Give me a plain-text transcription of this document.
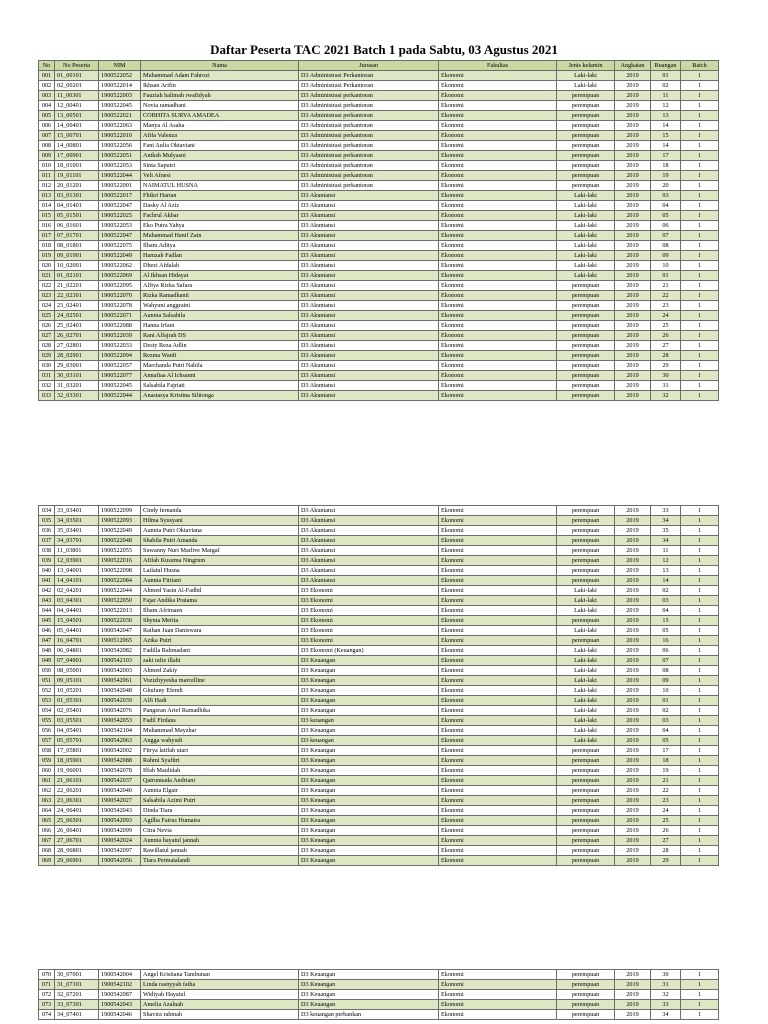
Daftar Peserta TAC 2021 Batch 1 pada Sabtu, 03 Agustus 2021
No	No Peserta	NIM	Nama	Jurusan	Fakultas	Jenis kelamin	Angkatan	Ruangan	Batch
001	01_00101	1900522052	Muhammad Adam Fahrozi	D3 Administrasi Perkantoran	Ekonomi	Laki-laki	2019	01	1
002	02_00201	1900522014	Ikhsan Arifin	D3 Administrasi Perkantoran	Ekonomi	Laki-laki	2019	02	1
003	11_00301	1900522003	Fauziah halimah rwafidyah	D3 Administrasi perkantoran	Ekonomi	perempuan	2019	11	1
004	12_00401	1900522045	Novia ramadhani	D3 Administrasi perkantoran	Ekonomi	perempuan	2019	12	1
005	13_00501	1900522021	COBHITA SURYA AMADEA	D3 Administrasi perkantoran	Ekonomi	perempuan	2019	13	1
006	14_00401	1900522063	Manya Al Asaha	D3 Administrasi perkantoran	Ekonomi	perempuan	2019	14	1
007	15_00701	1900522010	Afifa Valenza	D3 Administrasi perkantoran	Ekonomi	perempuan	2019	15	1
008	14_00801	1900522056	Fani Aulia Oktaviani	D3 Administrasi perkantoran	Ekonomi	perempuan	2019	14	1
009	17_00901	1900522051	Aniksh Mulyasni	D3 Administrasi perkantoran	Ekonomi	perempuan	2019	17	1
010	18_01001	1900522053	Sinta Saputri	D3 Administrasi perkantoran	Ekonomi	perempuan	2019	18	1
011	19_01101	1900522044	Veli Afnesi	D3 Administrasi perkantoran	Ekonomi	perempuan	2019	19	1
012	20_01201	1900522001	NAIMATUL HUSNA	D3 Administrasi perkantoran	Ekonomi	perempuan	2019	20	1
013	03_01301	1900522017	Fhikri Hartan	D3 Akuntansi	Ekonomi	Laki-laki	2019	03	1
014	04_01401	1900522047	Dasky Al Aziz	D3 Akuntansi	Ekonomi	Laki-laki	2019	04	1
015	05_01501	1900522025	Fachrul Akbar	D3 Akuntansi	Ekonomi	Laki-laki	2019	05	1
016	06_01601	1900522053	Eko Putra Yahya	D3 Akuntansi	Ekonomi	Laki-laki	2019	06	1
017	07_01701	1900522047	Muhammad Hanif Zain	D3 Akuntansi	Ekonomi	Laki-laki	2019	07	1
018	08_01801	1900522075	Ilham Aditya	D3 Akuntansi	Ekonomi	Laki-laki	2019	08	1
019	09_01901	1900522049	Hamzah Fadlan	D3 Akuntansi	Ekonomi	Laki-laki	2019	09	1
020	10_02001	1900522062	Dhezi Afdalah	D3 Akuntansi	Ekonomi	Laki-laki	2019	10	1
021	01_02101	1900522069	Al Ikhsan Hidayat	D3 Akuntansi	Ekonomi	Laki-laki	2019	01	1
022	21_02201	1900522095	Alfiya Rizka Safara	D3 Akuntansi	Ekonomi	perempuan	2019	21	1
023	22_02301	1900522070	Rizka Ramadhanti	D3 Akuntansi	Ekonomi	perempuan	2019	22	1
024	23_02401	1900522078	Wahyuni anggraini	D3 Akuntansi	Ekonomi	perempuan	2019	23	1
025	24_02501	1900522071	Aunnia Salsabila	D3 Akuntansi	Ekonomi	perempuan	2019	24	1
026	25_02401	1900522088	Hanna Irfani	D3 Akuntansi	Ekonomi	perempuan	2019	25	1
027	26_02701	1900522039	Rani Alfajrah DS	D3 Akuntansi	Ekonomi	perempuan	2019	26	1
028	27_02801	1900522033	Desty Reza Adlin	D3 Akuntansi	Ekonomi	perempuan	2019	27	1
029	28_02901	1900522094	Rezma Wanfi	D3 Akuntansi	Ekonomi	perempuan	2019	28	1
030	29_03001	1900522057	Marchanda Putri Nabila	D3 Akuntansi	Ekonomi	perempuan	2019	29	1
031	30_03101	1900522077	Annafiaa Al Ichsanni	D3 Akuntansi	Ekonomi	perempuan	2019	30	1
032	31_03201	1900522045	Salsabila Fajriati	D3 Akuntansi	Ekonomi	perempuan	2019	31	1
033	32_03301	1900522044	Anastasya Kristina Silitonga	D3 Akuntansi	Ekonomi	perempuan	2019	32	1
034	33_03401	1900522099	Cindy fernanda	D3 Akuntansi	Ekonomi	perempuan	2019	33	1
035	34_03501	1900522093	Hilma Syusyani	D3 Akuntansi	Ekonomi	perempuan	2019	34	1
036	35_03401	1900522049	Aunnia Putri Oktaviana	D3 Akuntansi	Ekonomi	perempuan	2019	35	1
037	34_03701	1900522048	Shabila Putri Amanda	D3 Akuntansi	Ekonomi	perempuan	2019	34	1
038	11_03801	1900522055	Suwanny Nuri Marlive Margaf	D3 Akuntansi	Ekonomi	perempuan	2019	11	1
039	12_03901	1900522016	Afifah Kusuma Ningrum	D3 Akuntansi	Ekonomi	perempuan	2019	12	1
040	13_04001	1900522098	Lailatul Husna	D3 Akuntansi	Ekonomi	perempuan	2019	13	1
041	14_04101	1900522084	Aunnia Fitriani	D3 Akuntansi	Ekonomi	perempuan	2019	14	1
042	02_04201	1900522044	Ahmed Yasin Al-Fadhil	D3 Ekonomi	Ekonomi	Laki-laki	2019	02	1
043	03_04301	1900522050	Fajar Andika Pratama	D3 Ekonomi	Ekonomi	Laki-laki	2019	03	1
044	04_04401	1900522013	Ilham Afrimaen	D3 Ekonomi	Ekonomi	Laki-laki	2019	04	1
045	15_04501	1900522030	Shynta Merita	D3 Ekonomi	Ekonomi	perempuan	2019	15	1
046	05_04401	1900542047	Raihan Juan Daniswara	D3 Ekonomi	Ekonomi	Laki-laki	2019	05	1
047	16_04701	1900512065	Azika Putri	D3 Ekonomi	Ekonomi	perempuan	2019	16	1
048	06_04801	1900542082	Fadilla Rahmadani	D3 Ekonomi (Keuangan)	Ekonomi	Laki-laki	2019	06	1
049	07_04901	1900542103	zaki rafie illahi	D3 Keuangan	Ekonomi	Laki-laki	2019	07	1
050	08_05001	1900542003	Ahmed Zakiy	D3 Keuangan	Ekonomi	Laki-laki	2019	08	1
051	09_05101	1900542061	Vozizhyyesha marcelline	D3 Keuangan	Ekonomi	Laki-laki	2019	09	1
052	10_05201	1900542048	Ghufany Efendi	D3 Keuangan	Ekonomi	Laki-laki	2019	10	1
053	01_05301	1900542039	Alfi Hadi	D3 Keuangan	Ekonomi	Laki-laki	2019	01	1
054	02_05401	1900542076	Pangeran Arief Ramadhika	D3 Keuangan	Ekonomi	Laki-laki	2019	02	1
055	03_05501	1900542053	Fadil Firdaus	D3 keuangan	Ekonomi	Laki-laki	2019	03	1
056	04_05401	1900542104	Muhammad Mayzhar	D3 Keuangan	Ekonomi	Laki-laki	2019	04	1
057	05_05701	1900542063	Angga wahyudi	D3 keuangan	Ekonomi	Laki-laki	2019	05	1
058	17_05801	1900542002	Fitrya latifah utari	D3 Keuangan	Ekonomi	perempuan	2019	17	1
059	18_05901	1900542088	Rahmi Syafitri	D3 Keuangan	Ekonomi	perempuan	2019	18	1
060	19_06001	1900542078	Iffah Maulidah	D3 Keuangan	Ekonomi	perempuan	2019	19	1
061	21_06101	1900542037	Qatrunnada Andriani	D3 Keuangan	Ekonomi	perempuan	2019	21	1
062	22_06201	1900542040	Aunnia Elgair	D3 Keuangan	Ekonomi	perempuan	2019	22	1
063	23_06301	1900542027	Salsabila Azimi Putri	D3 Keuangan	Ekonomi	perempuan	2019	23	1
064	24_06401	1900542043	Dinda Tiara	D3 Keuangan	Ekonomi	perempuan	2019	24	1
065	25_06501	1900542093	Agilha Fairus Humaira	D3 Keuangan	Ekonomi	perempuan	2019	25	1
066	26_06401	1900542099	Citra Nevia	D3 Keuangan	Ekonomi	perempuan	2019	26	1
067	27_06701	1900542024	Aunnia hayatul jannah	D3 Keuangan	Ekonomi	perempuan	2019	27	1
068	28_06801	1900542097	Rawillatul jannah	D3 Keuangan	Ekonomi	perempuan	2019	28	1
069	29_06901	1900542056	Tiara Permatalandi	D3 Keuangan	Ekonomi	perempuan	2019	29	1
070	30_07001	1900542004	Angel Kristiana Tambunan	D3 Keuangan	Ekonomi	perempuan	2019	30	1
071	31_07101	1900542102	Linda rasnyyah fatha	D3 Keuangan	Ekonomi	perempuan	2019	31	1
072	32_07201	1900542087	Widiyah Hayatul	D3 Keuangan	Ekonomi	perempuan	2019	32	1
073	33_07301	1900542043	Amelia Azalnah	D3 Keuangan	Ekonomi	perempuan	2019	33	1
074	34_07401	1900542046	Shavira rahmah	D3 keuangan perbankan	Ekonomi	perempuan	2019	34	1
